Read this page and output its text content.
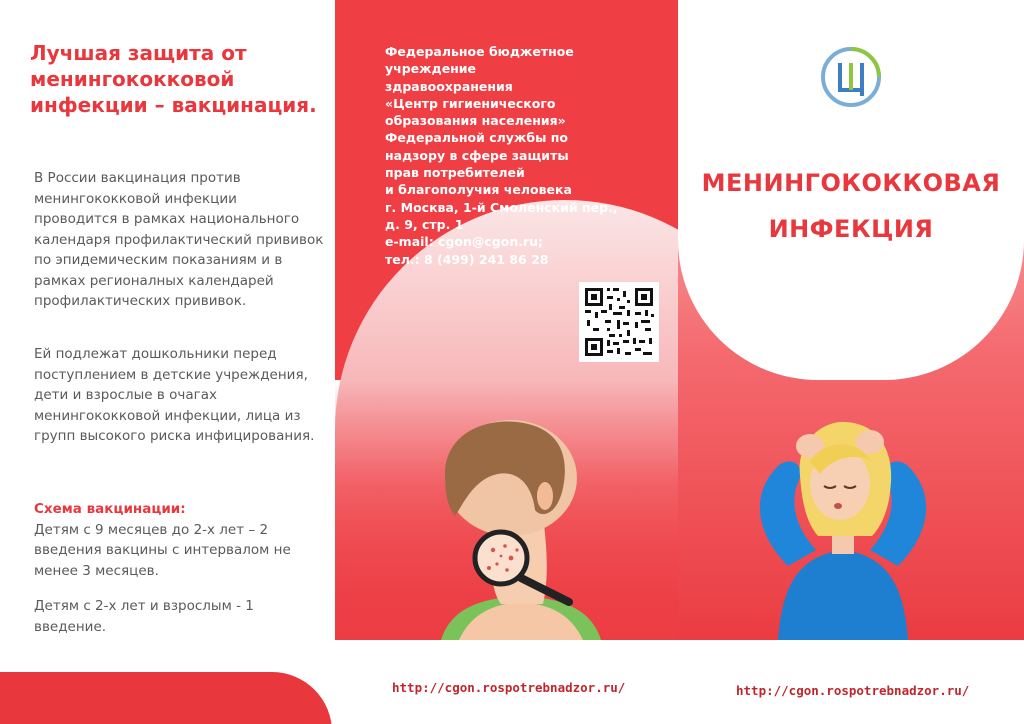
Лучшая защита от менингококковой инфекции – вакцинация.
В России вакцинация против менингококковой инфекции проводится в рамках национального календаря профилактический прививок по эпидемическим показаниям и в рамках регионалных календарей профилактических прививок.
Ей подлежат дошкольники перед поступлением в детские учреждения, дети и взрослые в очагах менингококковой инфекции, лица из групп высокого риска инфицирования.
Схема вакцинации:
Детям с 9 месяцев до 2-х лет – 2 введения вакцины с интервалом не менее 3 месяцев.
Детям с 2-х лет и взрослым - 1 введение.
Федеральное бюджетное
учреждение
здравоохранения
«Центр гигиенического
образования населения»
Федеральной службы по
надзору в сфере защиты
прав потребителей
и благополучия человека
г. Москва, 1-й Смоленский пер.,
д. 9, стр. 1
e-mail: cgon@cgon.ru;
тел.: 8 (499) 241 86 28
http://cgon.rospotrebnadzor.ru/
МЕНИНГОКОККОВАЯ
ИНФЕКЦИЯ
http://cgon.rospotrebnadzor.ru/
